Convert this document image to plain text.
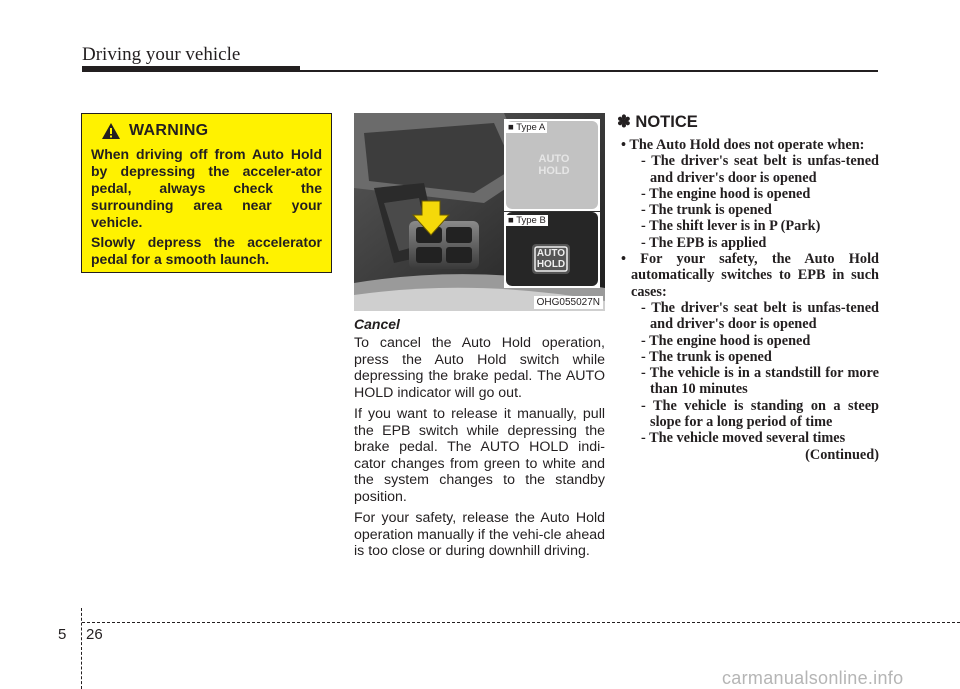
Driving your vehicle
WARNING

When driving off from Auto Hold by depressing the acceler-ator pedal, always check the surrounding area near your vehicle.

Slowly depress the accelerator pedal for a smooth launch.

AUTO
HOLD
■ Type A
AUTO
HOLD
■ Type B
OHG055027N

Cancel

To cancel the Auto Hold operation, press the Auto Hold switch while depressing the brake pedal. The AUTO HOLD indicator will go out.

If you want to release it manually, pull the EPB switch while depressing the brake pedal. The AUTO HOLD indi-cator changes from green to white and the system changes to the standby position.

For your safety, release the Auto Hold operation manually if the vehi-cle ahead is too close or during downhill driving.

✽ NOTICE

• The Auto Hold does not operate when:

- The driver's seat belt is unfas-tened and driver's door is opened

- The engine hood is opened

- The trunk is opened

- The shift lever is in P (Park)

- The EPB is applied

• For your safety, the Auto Hold automatically switches to EPB in such cases:

- The driver's seat belt is unfas-tened and driver's door is opened

- The engine hood is opened

- The trunk is opened

- The vehicle is in a standstill for more than 10 minutes

- The vehicle is standing on a steep slope for a long period of time

- The vehicle moved several times

(Continued)

5 26
carmanualsonline.info
